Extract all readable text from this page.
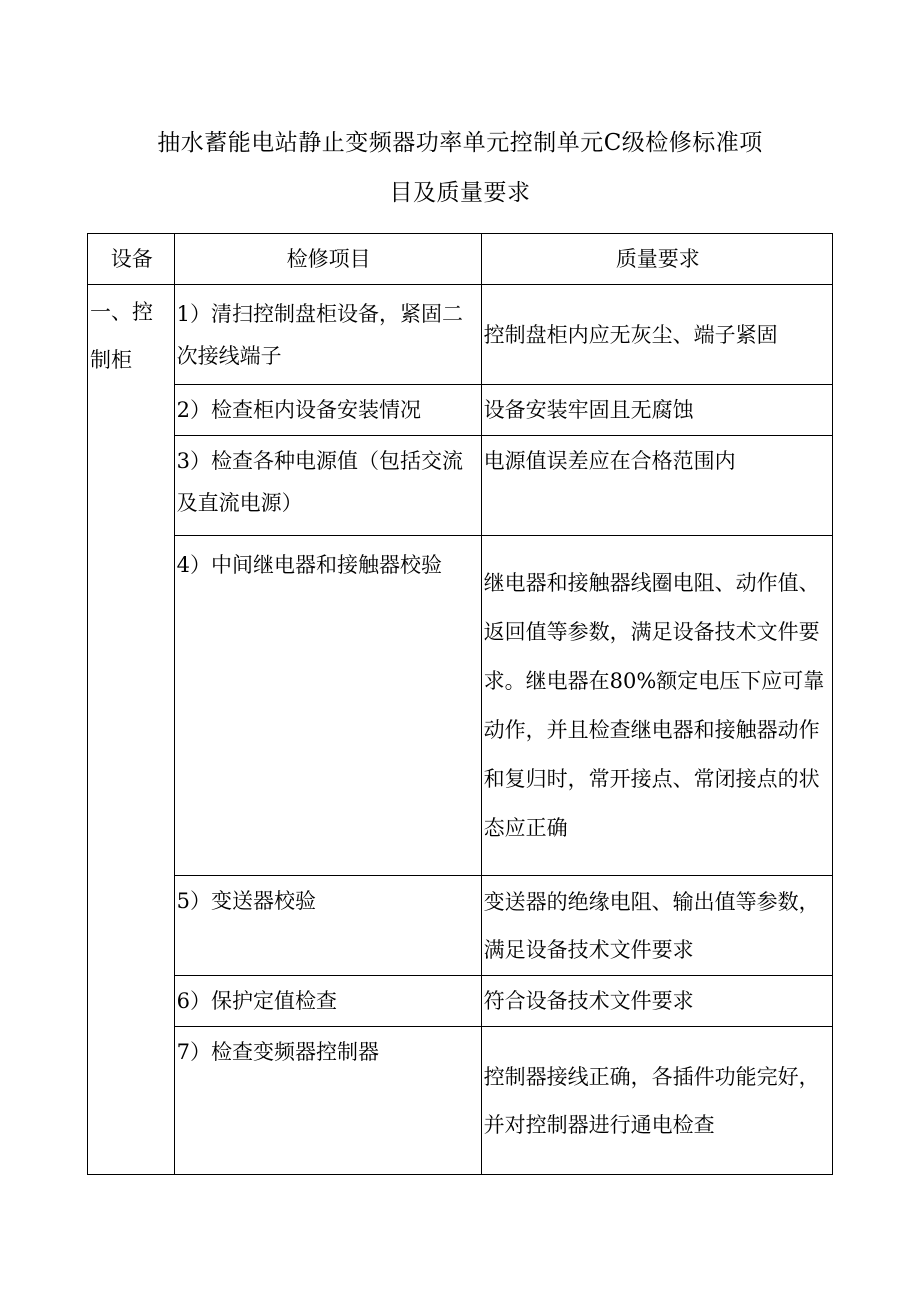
抽水蓄能电站静止变频器功率单元控制单元C级检修标准项
目及质量要求
设备	检修项目	质量要求
一、控制柜	1）清扫控制盘柜设备，紧固二次接线端子	控制盘柜内应无灰尘、端子紧固
	2）检查柜内设备安装情况	设备安装牢固且无腐蚀
	3）检查各种电源值（包括交流及直流电源）	电源值误差应在合格范围内
	4）中间继电器和接触器校验	继电器和接触器线圈电阻、动作值、返回值等参数，满足设备技术文件要求。继电器在80%额定电压下应可靠动作，并且检查继电器和接触器动作和复归时，常开接点、常闭接点的状态应正确
	5）变送器校验	变送器的绝缘电阻、输出值等参数，满足设备技术文件要求
	6）保护定值检查	符合设备技术文件要求
	7）检查变频器控制器	控制器接线正确，各插件功能完好，并对控制器进行通电检查
